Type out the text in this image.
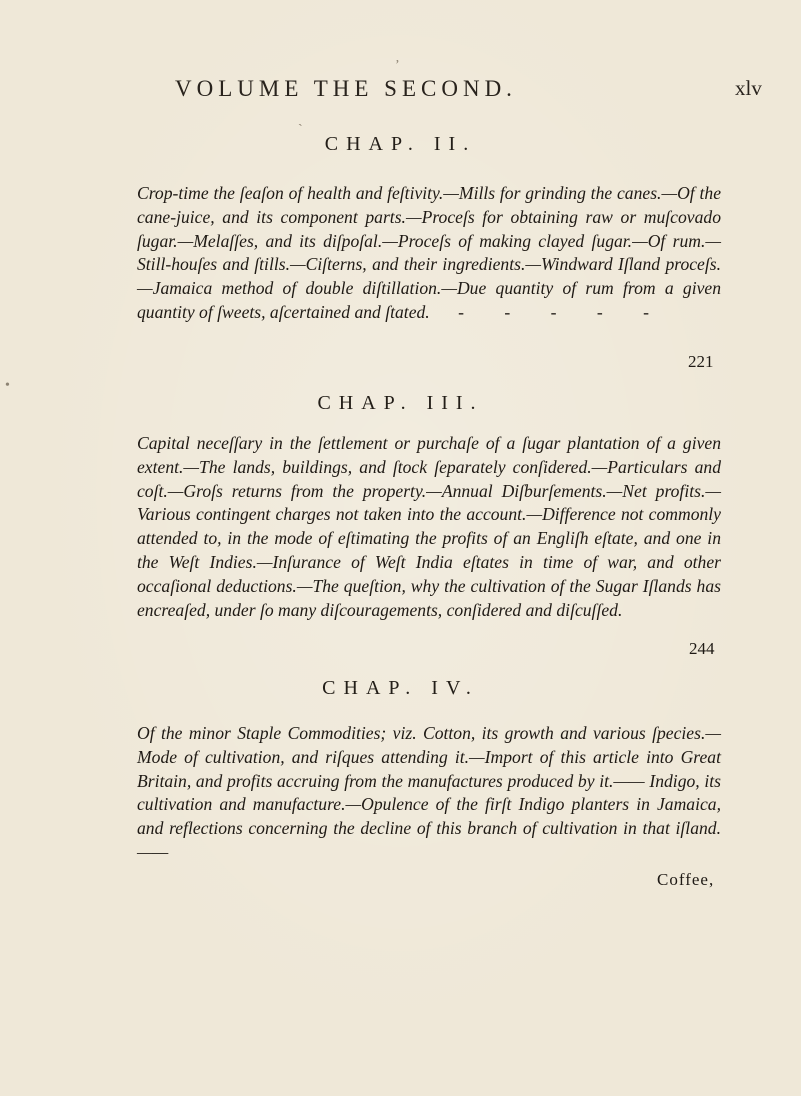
VOLUME THE SECOND.	xlv
ʼ
ˏ
•
CHAP. II.

Crop-time the ſeaſon of health and feſtivity.—Mills for grinding the canes.—Of the cane-juice, and its component parts.—Proceſs for obtaining raw or muſcovado ſugar.—Melaſſes, and its diſpoſal.—Proceſs of making clayed ſugar.—Of rum.—Still-houſes and ſtills.—Ciſterns, and their ingredients.—Windward Iſland proceſs.—Jamaica method of double diſtillation.—Due quantity of rum from a given quantity of ſweets, aſcertained and ſtated. - - - - -

221
CHAP. III.

Capital neceſſary in the ſettlement or purchaſe of a ſugar plantation of a given extent.—The lands, buildings, and ſtock ſeparately conſidered.—Particulars and coſt.—Groſs returns from the property.—Annual Diſburſements.—Net profits.—Various contingent charges not taken into the account.—Difference not commonly attended to, in the mode of eſtimating the profits of an Engliſh eſtate, and one in the Weſt Indies.—Inſurance of Weſt India eſtates in time of war, and other occaſional deductions.—The queſtion, why the cultivation of the Sugar Iſlands has encreaſed, under ſo many diſcouragements, conſidered and diſcuſſed.

244
CHAP. IV.

Of the minor Staple Commodities; viz. Cotton, its growth and various ſpecies.—Mode of cultivation, and riſques attending it.—Import of this article into Great Britain, and profits accruing from the manufactures produced by it.—— Indigo, its cultivation and manufacture.—Opulence of the firſt Indigo planters in Jamaica, and reflections concerning the decline of this branch of cultivation in that iſland.——

Coffee,
